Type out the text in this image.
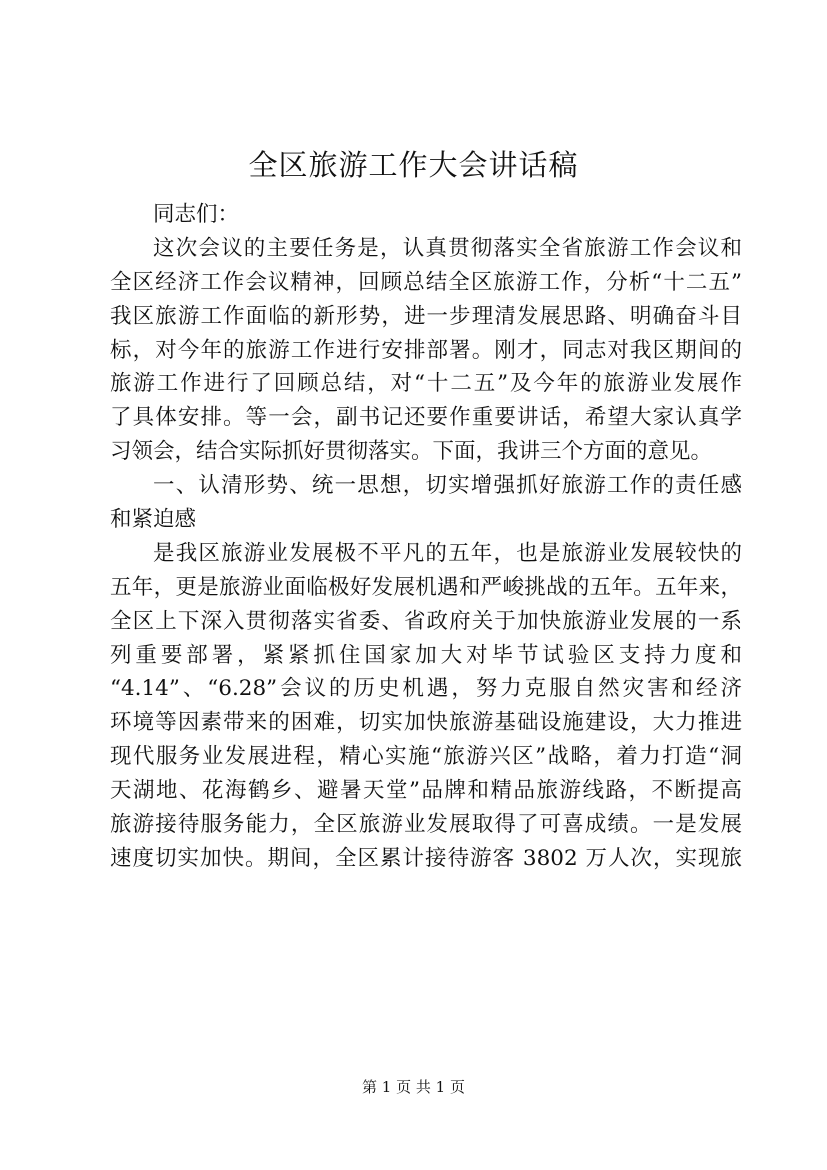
全区旅游工作大会讲话稿
同志们：
这次会议的主要任务是，认真贯彻落实全省旅游工作会议和
全区经济工作会议精神，回顾总结全区旅游工作，分析“十二五”
我区旅游工作面临的新形势，进一步理清发展思路、明确奋斗目
标，对今年的旅游工作进行安排部署。刚才，同志对我区期间的
旅游工作进行了回顾总结，对“十二五”及今年的旅游业发展作
了具体安排。等一会，副书记还要作重要讲话，希望大家认真学
习领会，结合实际抓好贯彻落实。下面，我讲三个方面的意见。
一、认清形势、统一思想，切实增强抓好旅游工作的责任感
和紧迫感
是我区旅游业发展极不平凡的五年，也是旅游业发展较快的
五年，更是旅游业面临极好发展机遇和严峻挑战的五年。五年来，
全区上下深入贯彻落实省委、省政府关于加快旅游业发展的一系
列重要部署，紧紧抓住国家加大对毕节试验区支持力度和
“4.14”、“6.28”会议的历史机遇，努力克服自然灾害和经济
环境等因素带来的困难，切实加快旅游基础设施建设，大力推进
现代服务业发展进程，精心实施“旅游兴区”战略，着力打造“洞
天湖地、花海鹤乡、避暑天堂”品牌和精品旅游线路，不断提高
旅游接待服务能力，全区旅游业发展取得了可喜成绩。一是发展
速度切实加快。期间，全区累计接待游客 3802 万人次，实现旅
第 1 页 共 1 页
